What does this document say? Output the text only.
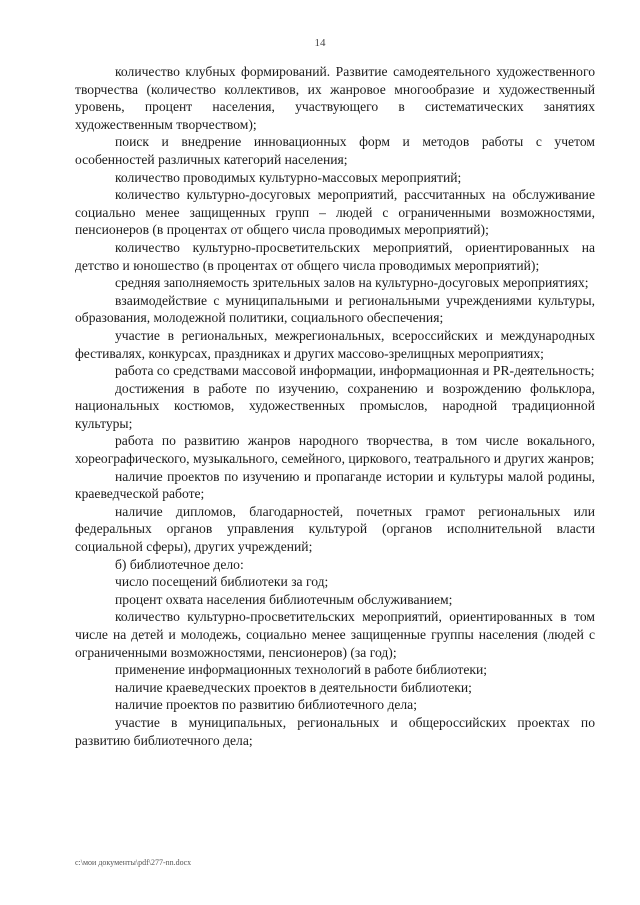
14

количество клубных формирований. Развитие самодеятельного художественного творчества (количество коллективов, их жанровое многообразие и художественный уровень, процент населения, участвующего в систематических занятиях художественным творчеством);

поиск и внедрение инновационных форм и методов работы с учетом особенностей различных категорий населения;

количество проводимых культурно-массовых мероприятий;

количество культурно-досуговых мероприятий, рассчитанных на обслуживание социально менее защищенных групп – людей с ограниченными возможностями, пенсионеров (в процентах от общего числа проводимых мероприятий);

количество культурно-просветительских мероприятий, ориентированных на детство и юношество (в процентах от общего числа проводимых мероприятий);

средняя заполняемость зрительных залов на культурно-досуговых мероприятиях;

взаимодействие с муниципальными и региональными учреждениями культуры, образования, молодежной политики, социального обеспечения;

участие в региональных, межрегиональных, всероссийских и международных фестивалях, конкурсах, праздниках и других массово-зрелищных мероприятиях;

работа со средствами массовой информации, информационная и PR-деятельность;

достижения в работе по изучению, сохранению и возрождению фольклора, национальных костюмов, художественных промыслов, народной традиционной культуры;

работа по развитию жанров народного творчества, в том числе вокального, хореографического, музыкального, семейного, циркового, театрального и других жанров;

наличие проектов по изучению и пропаганде истории и культуры малой родины, краеведческой работе;

наличие дипломов, благодарностей, почетных грамот региональных или федеральных органов управления культурой (органов исполнительной власти социальной сферы), других учреждений;

б) библиотечное дело:

число посещений библиотеки за год;

процент охвата населения библиотечным обслуживанием;

количество культурно-просветительских мероприятий, ориентированных в том числе на детей и молодежь, социально менее защищенные группы населения (людей с ограниченными возможностями, пенсионеров) (за год);

применение информационных технологий в работе библиотеки;

наличие краеведческих проектов в деятельности библиотеки;

наличие проектов по развитию библиотечного дела;

участие в муниципальных, региональных и общероссийских проектах по развитию библиотечного дела;

c:\мои документы\pdf\277-nn.docx
